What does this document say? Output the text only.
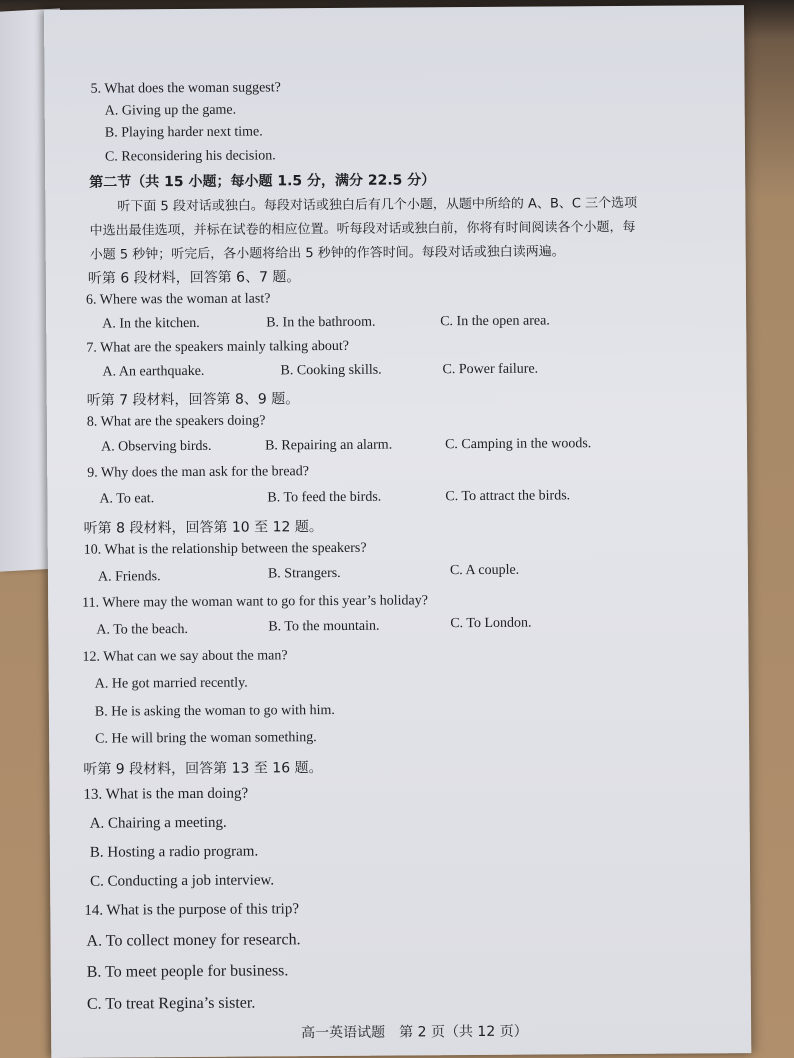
5. What does the woman suggest?
A. Giving up the game.
B. Playing harder next time.
C. Reconsidering his decision.
第二节（共 15 小题；每小题 1.5 分，满分 22.5 分）
听下面 5 段对话或独白。每段对话或独白后有几个小题，从题中所给的 A、B、C 三个选项
中选出最佳选项，并标在试卷的相应位置。听每段对话或独白前，你将有时间阅读各个小题，每
小题 5 秒钟；听完后，各小题将给出 5 秒钟的作答时间。每段对话或独白读两遍。
听第 6 段材料，回答第 6、7 题。
6. Where was the woman at last?
A. In the kitchen.	B. In the bathroom.	C. In the open area.
7. What are the speakers mainly talking about?
A. An earthquake.	B. Cooking skills.	C. Power failure.
听第 7 段材料，回答第 8、9 题。
8. What are the speakers doing?
A. Observing birds.	B. Repairing an alarm.	C. Camping in the woods.
9. Why does the man ask for the bread?
A. To eat.	B. To feed the birds.	C. To attract the birds.
听第 8 段材料，回答第 10 至 12 题。
10. What is the relationship between the speakers?
A. Friends.	B. Strangers.	C. A couple.
11. Where may the woman want to go for this year’s holiday?
A. To the beach.	B. To the mountain.	C. To London.
12. What can we say about the man?
A. He got married recently.
B. He is asking the woman to go with him.
C. He will bring the woman something.
听第 9 段材料，回答第 13 至 16 题。
13. What is the man doing?
A. Chairing a meeting.
B. Hosting a radio program.
C. Conducting a job interview.
14. What is the purpose of this trip?
A. To collect money for research.
B. To meet people for business.
C. To treat Regina’s sister.
高一英语试题　第 2 页（共 12 页）
